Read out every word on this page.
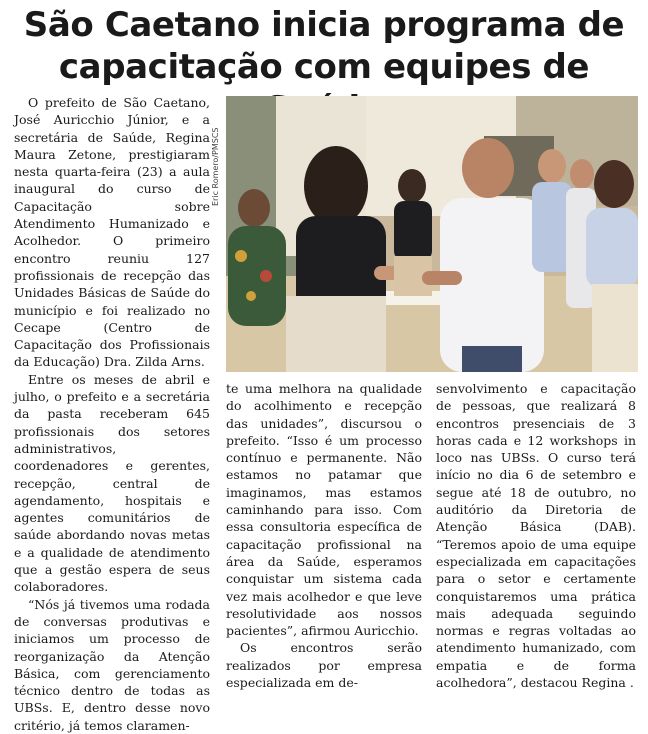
São Caetano inicia programa de capacitação com equipes de

O prefeito de São Caetano, José Auricchio Júnior, e a secretária de Saúde, Regina Maura Zetone, prestigiaram nesta quarta-feira (23) a aula inaugural do curso de Capacitação sobre Atendimento Humanizado e Acolhedor. O primeiro encontro reuniu 127 profissionais de recepção das Unidades Básicas de Saúde do município e foi realizado no Cecape (Centro de Capacitação dos Profissionais da Educação) Dra. Zilda Arns.

Entre os meses de abril e julho, o prefeito e a secretária da pasta receberam 645 profissionais dos setores administrativos, coordenadores e gerentes, recepção, central de agendamento, hospitais e agentes comunitários de saúde abordando novas metas e a qualidade de atendimento que a gestão espera de seus colaboradores.

“Nós já tivemos uma rodada de conversas produtivas e iniciamos um processo de reorganização da Atenção Básica, com gerenciamento técnico dentro de todas as UBSs. E, dentro desse novo critério, já temos claramen-

Eric Romero/PMSCS

te uma melhora na qualidade do acolhimento e recepção das unidades”, discursou o prefeito. “Isso é um processo contínuo e permanente. Não estamos no patamar que imaginamos, mas estamos caminhando para isso. Com essa consultoria específica de capacitação profissional na área da Saúde, esperamos conquistar um sistema cada vez mais acolhedor e que leve resolutividade aos nossos pacientes”, afirmou Auricchio.

Os encontros serão realizados por empresa especializada em de-

senvolvimento e capacitação de pessoas, que realizará 8 encontros presenciais de 3 horas cada e 12 workshops in loco nas UBSs. O curso terá início no dia 6 de setembro e segue até 18 de outubro, no auditório da Diretoria de Atenção Básica (DAB). “Teremos apoio de uma equipe especializada em capacitações para o setor e certamente conquistaremos uma prática mais adequada seguindo normas e regras voltadas ao atendimento humanizado, com empatia e de forma acolhedora”, destacou Regina .
